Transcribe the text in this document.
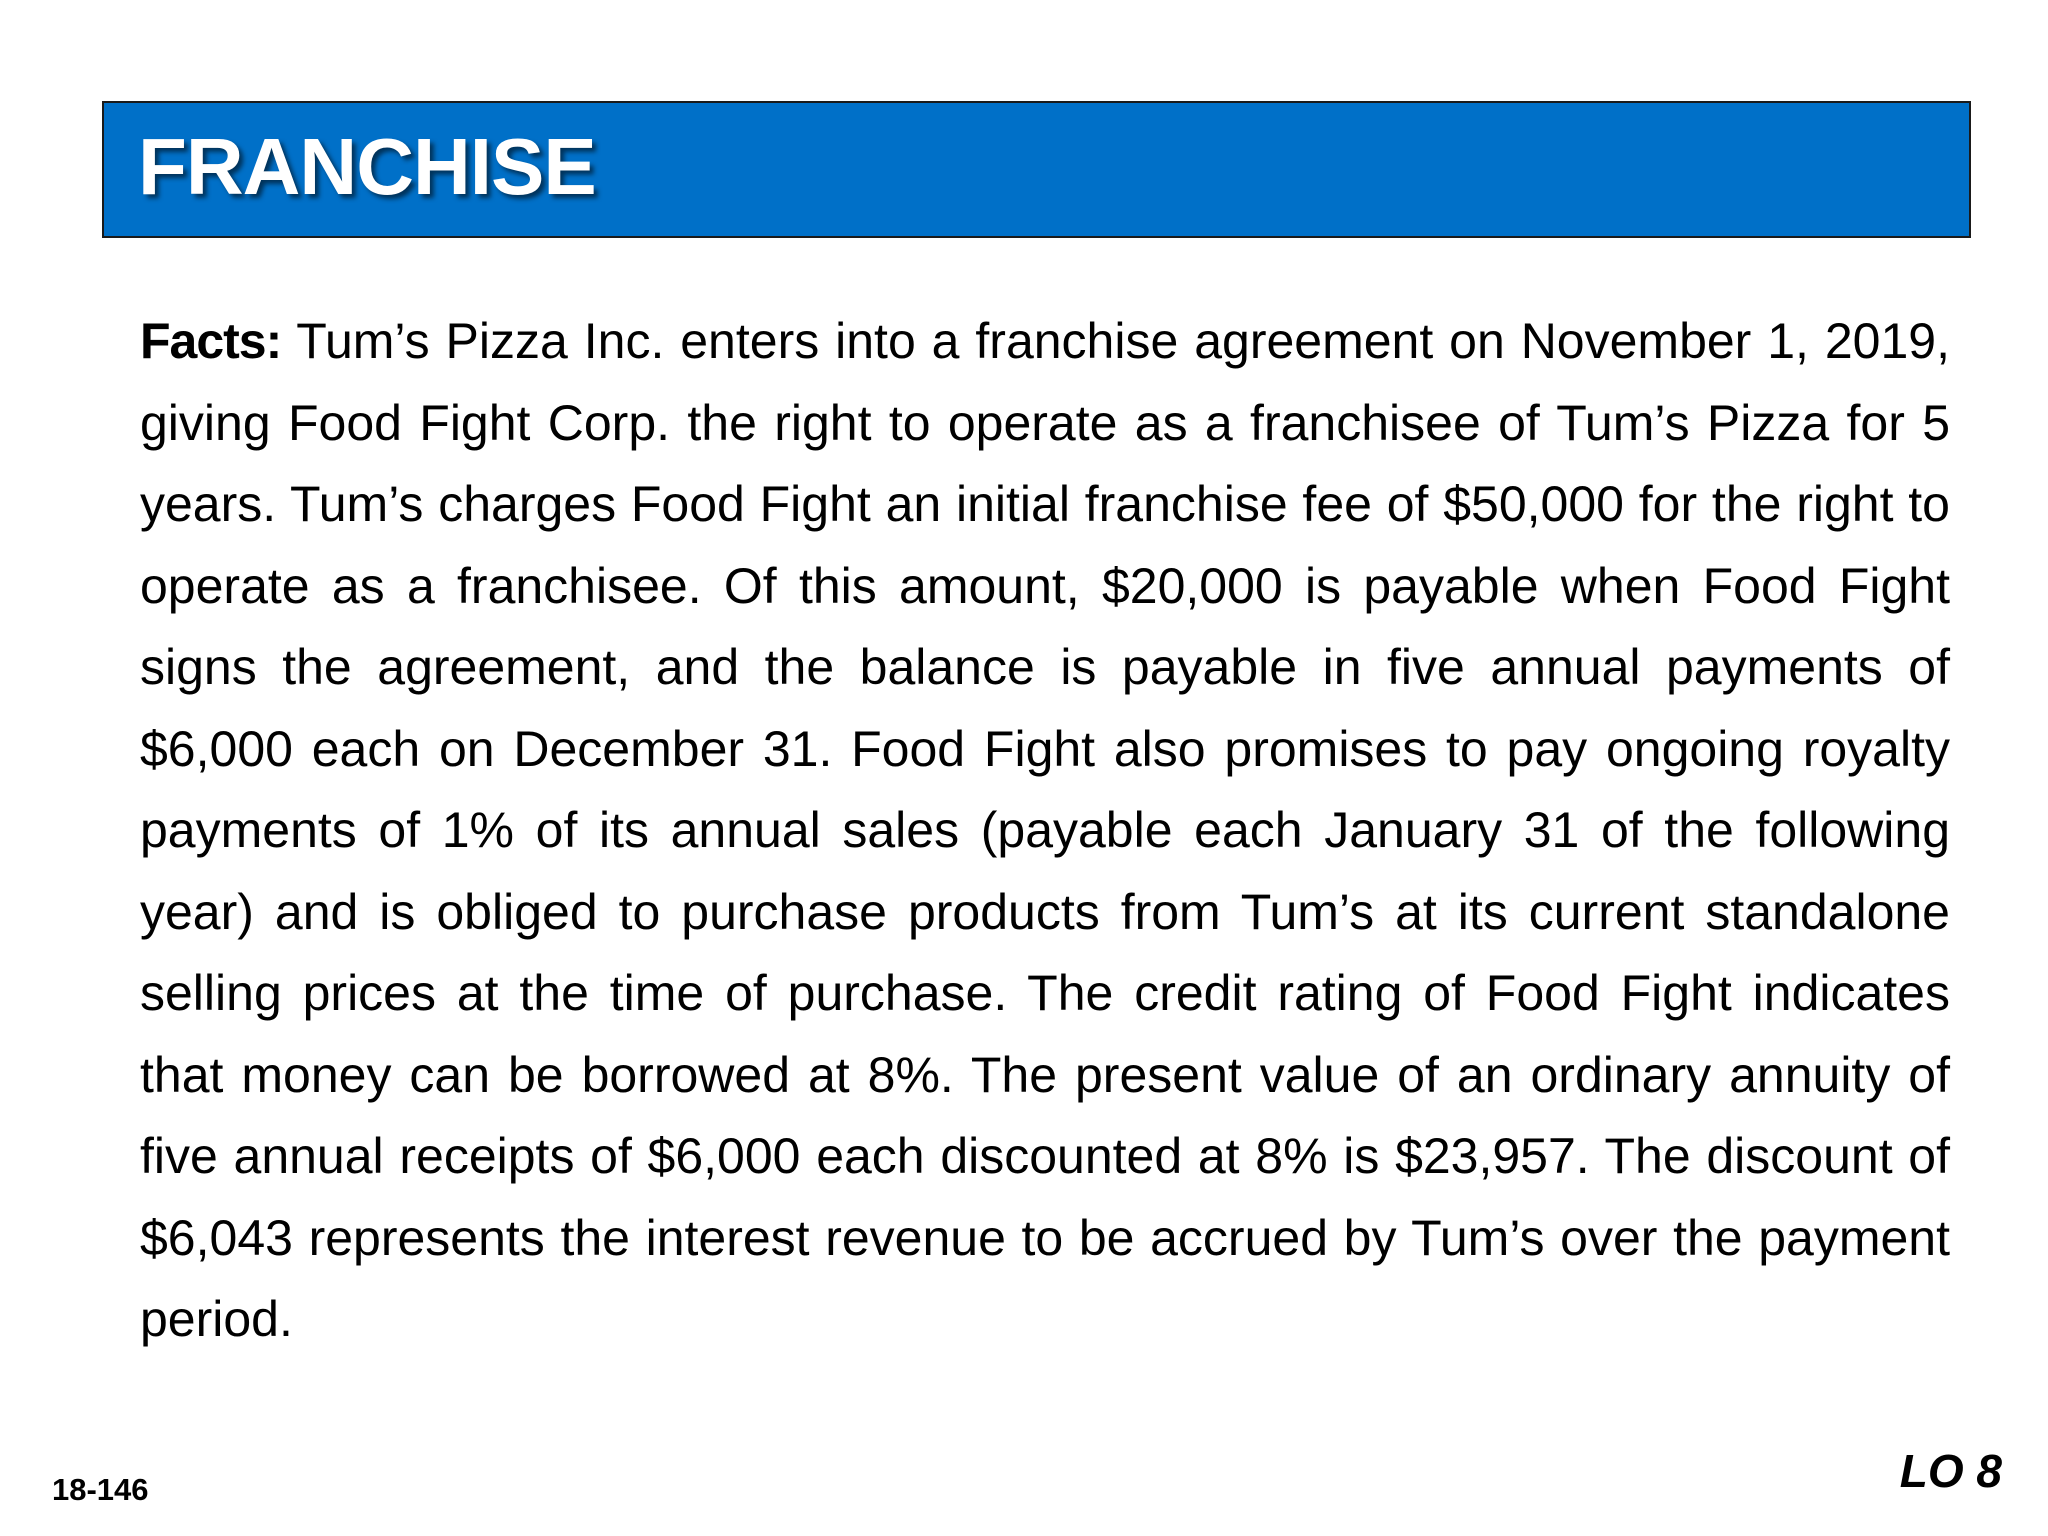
FRANCHISE
Facts: Tum’s Pizza Inc. enters into a franchise agreement on November 1, 2019, giving Food Fight Corp. the right to operate as a franchisee of Tum’s Pizza for 5 years. Tum’s charges Food Fight an initial franchise fee of $50,000 for the right to operate as a franchisee. Of this amount, $20,000 is payable when Food Fight signs the agreement, and the balance is payable in five annual payments of $6,000 each on December 31. Food Fight also promises to pay ongoing royalty payments of 1% of its annual sales (payable each January 31 of the following year) and is obliged to purchase products from Tum’s at its current standalone selling prices at the time of purchase. The credit rating of Food Fight indicates that money can be borrowed at 8%. The present value of an ordinary annuity of five annual receipts of $6,000 each discounted at 8% is $23,957. The discount of $6,043 represents the interest revenue to be accrued by Tum’s over the payment period.
18-146	LO 8
